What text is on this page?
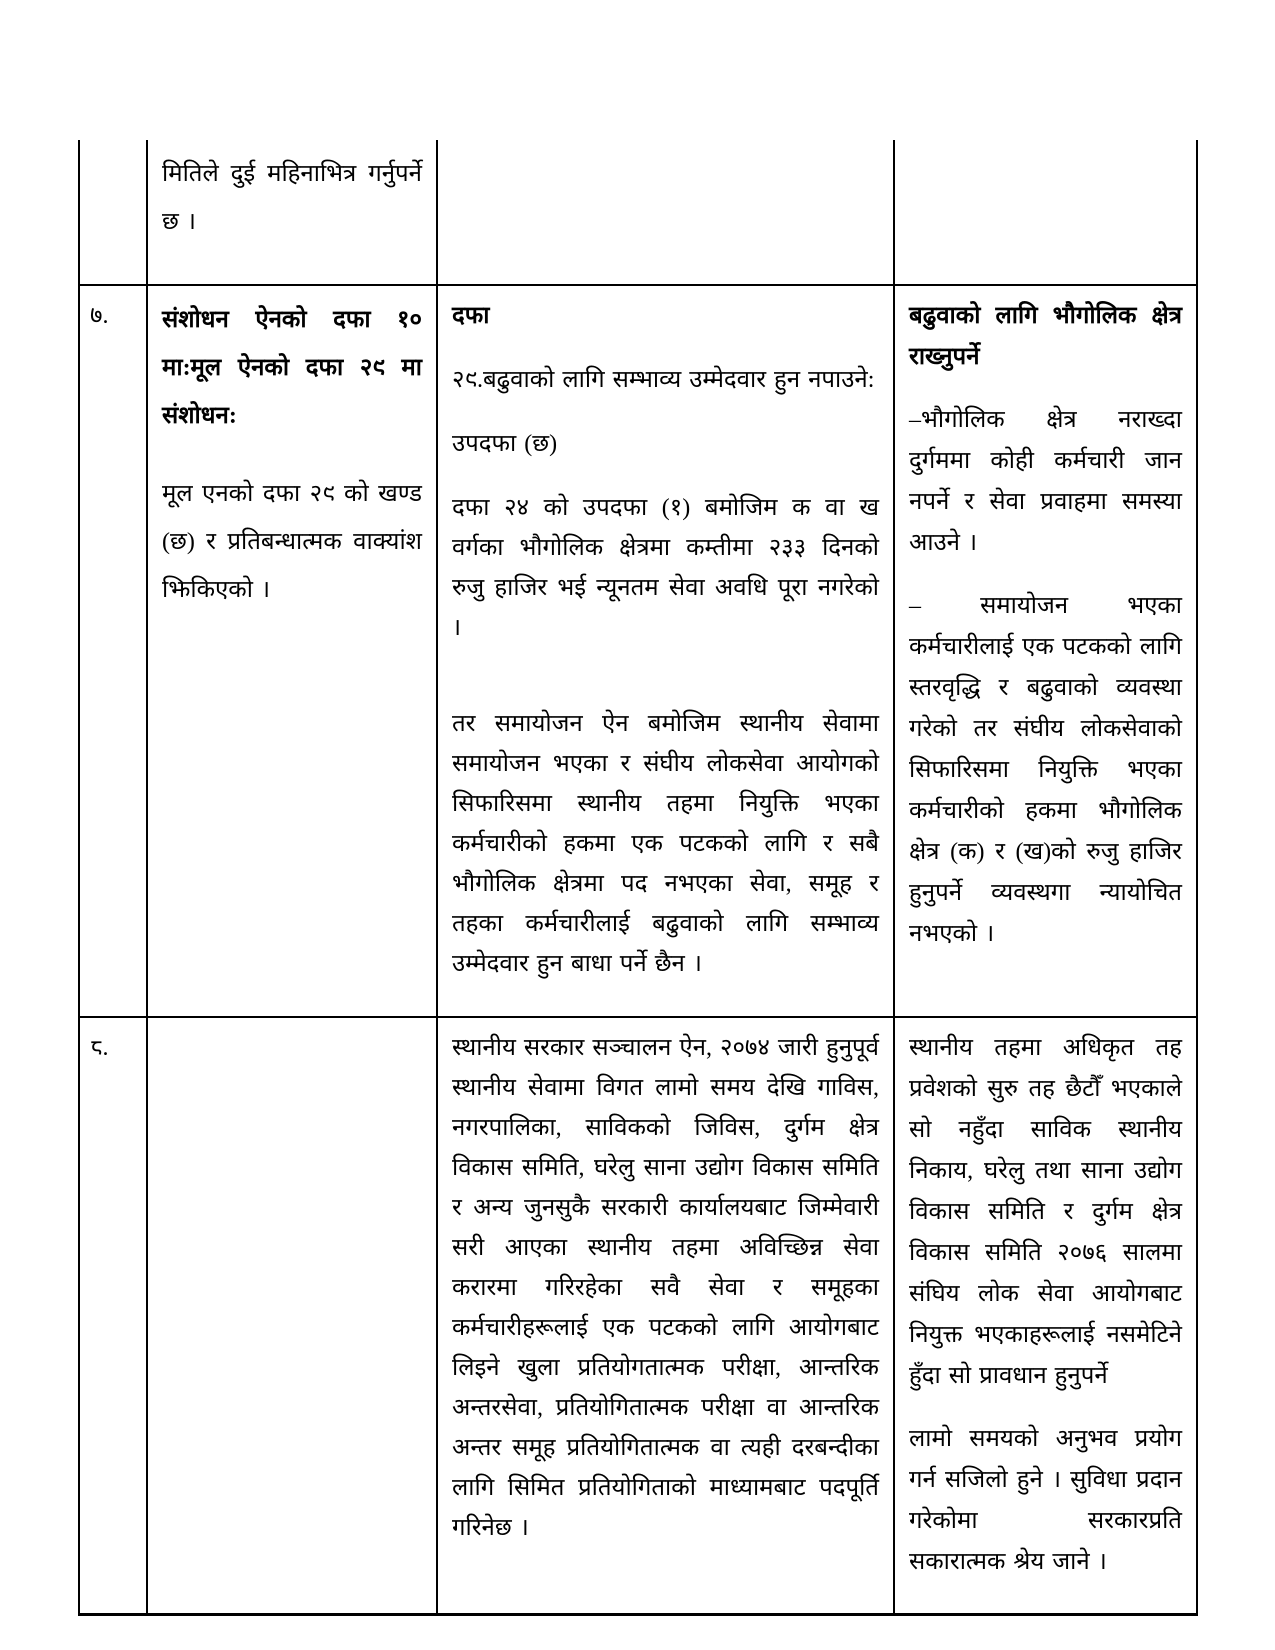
मितिले दुई महिनाभित्र गर्नुपर्ने छ ।

७.	संशोधन ऐनको दफा १० मा:मूल ऐनको दफा २९ मा संशोधन:

मूल एनको दफा २९ को खण्ड (छ) र प्रतिबन्धात्मक वाक्यांश झिकिएको ।

दफा

२९.बढुवाको लागि सम्भाव्य उम्मेदवार हुन नपाउने:

उपदफा (छ)

दफा २४ को उपदफा (१) बमोजिम क वा ख वर्गका भौगोलिक क्षेत्रमा कम्तीमा २३३ दिनको रुजु हाजिर भई न्यूनतम सेवा अवधि पूरा नगरेको ।

तर समायोजन ऐन बमोजिम स्थानीय सेवामा समायोजन भएका र संघीय लोकसेवा आयोगको सिफारिसमा स्थानीय तहमा नियुक्ति भएका कर्मचारीको हकमा एक पटकको लागि र सबै भौगोलिक क्षेत्रमा पद नभएका सेवा, समूह र तहका कर्मचारीलाई बढुवाको लागि सम्भाव्य उम्मेदवार हुन बाधा पर्ने छैन ।

बढुवाको लागि भौगोलिक क्षेत्र राख्नुपर्ने

–भौगोलिक क्षेत्र नराख्दा दुर्गममा कोही कर्मचारी जान नपर्ने र सेवा प्रवाहमा समस्या आउने ।

– समायोजन भएका कर्मचारीलाई एक पटकको लागि स्तरवृद्धि र बढुवाको व्यवस्था गरेको तर संघीय लोकसेवाको सिफारिसमा नियुक्ति भएका कर्मचारीको हकमा भौगोलिक क्षेत्र (क) र (ख)को रुजु हाजिर हुनुपर्ने व्यवस्थगा न्यायोचित नभएको ।

८.	स्थानीय सरकार सञ्चालन ऐन, २०७४ जारी हुनुपूर्व स्थानीय सेवामा विगत लामो समय देखि गाविस, नगरपालिका, साविकको जिविस, दुर्गम क्षेत्र विकास समिति, घरेलु साना उद्योग विकास समिति र अन्य जुनसुकै सरकारी कार्यालयबाट जिम्मेवारी सरी आएका स्थानीय तहमा अविच्छिन्न सेवा करारमा गरिरहेका सवै सेवा र समूहका कर्मचारीहरूलाई एक पटकको लागि आयोगबाट लिइने खुला प्रतियोगतात्मक परीक्षा, आन्तरिक अन्तरसेवा, प्रतियोगितात्मक परीक्षा वा आन्तरिक अन्तर समूह प्रतियोगितात्मक वा त्यही दरबन्दीका लागि सिमित प्रतियोगिताको माध्यामबाट पदपूर्ति गरिनेछ ।

स्थानीय तहमा अधिकृत तह प्रवेशको सुरु तह छैटौँ भएकाले सो नहुँदा साविक स्थानीय निकाय, घरेलु तथा साना उद्योग विकास समिति र दुर्गम क्षेत्र विकास समिति २०७६ सालमा संघिय लोक सेवा आयोगबाट नियुक्त भएकाहरूलाई नसमेटिने हुँदा सो प्रावधान हुनुपर्ने

लामो समयको अनुभव प्रयोग गर्न सजिलो हुने । सुविधा प्रदान गरेकोमा सरकारप्रति सकारात्मक श्रेय जाने ।
